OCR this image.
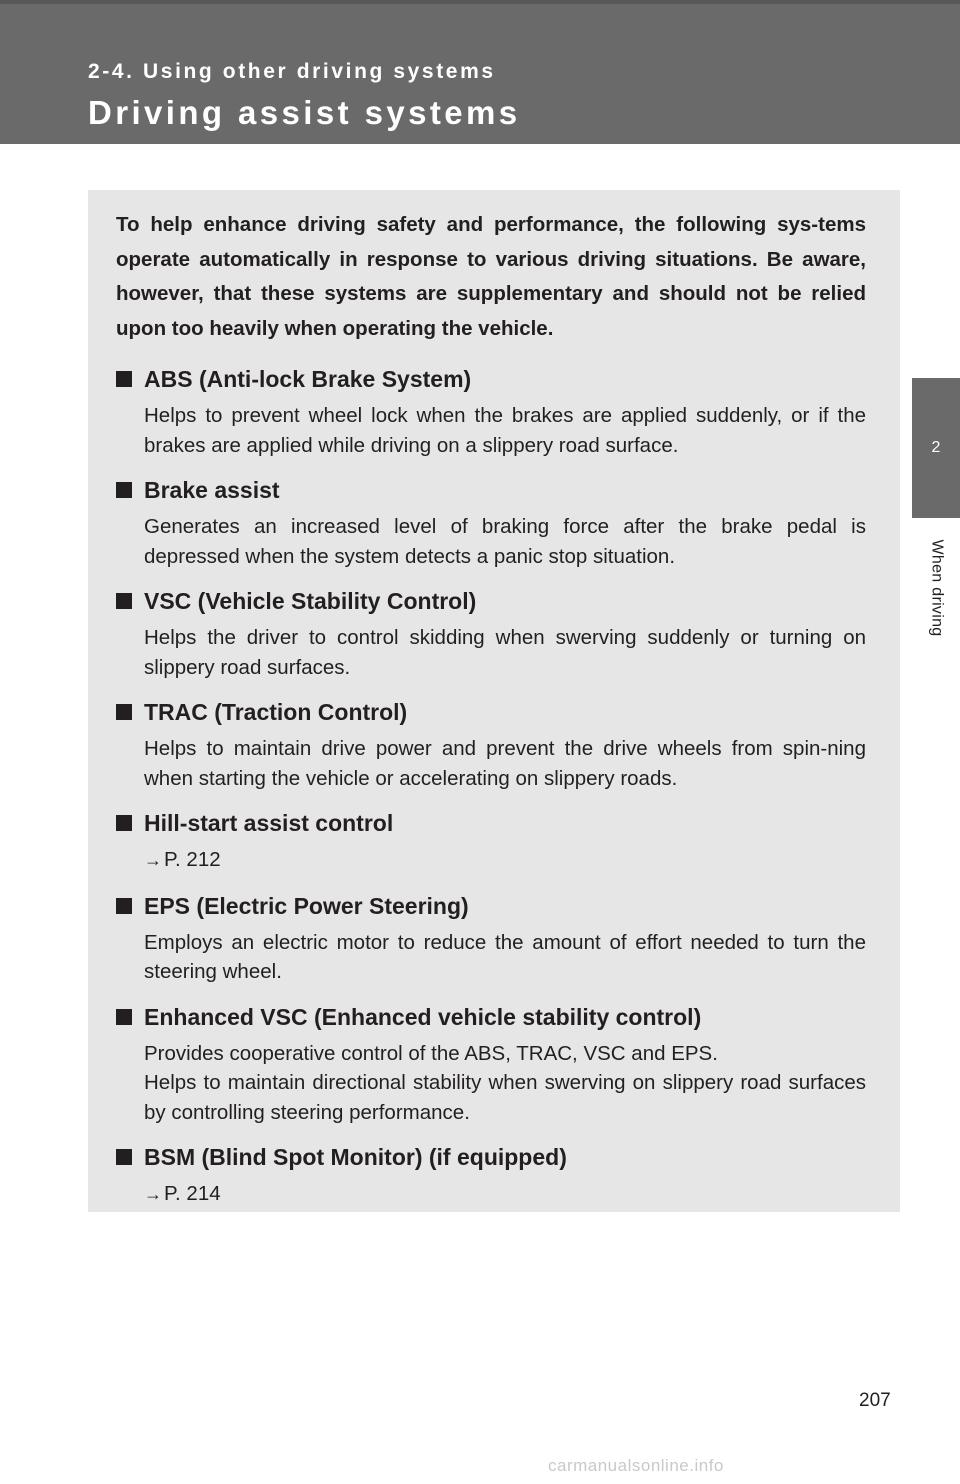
2-4. Using other driving systems
Driving assist systems
2
When driving

To help enhance driving safety and performance, the following sys-tems operate automatically in response to various driving situations. Be aware, however, that these systems are supplementary and should not be relied upon too heavily when operating the vehicle.

ABS (Anti-lock Brake System)

Helps to prevent wheel lock when the brakes are applied suddenly, or if the brakes are applied while driving on a slippery road surface.

Brake assist

Generates an increased level of braking force after the brake pedal is depressed when the system detects a panic stop situation.

VSC (Vehicle Stability Control)

Helps the driver to control skidding when swerving suddenly or turning on slippery road surfaces.

TRAC (Traction Control)

Helps to maintain drive power and prevent the drive wheels from spin-ning when starting the vehicle or accelerating on slippery roads.

Hill-start assist control
→ P. 212
EPS (Electric Power Steering)

Employs an electric motor to reduce the amount of effort needed to turn the steering wheel.

Enhanced VSC (Enhanced vehicle stability control)

Provides cooperative control of the ABS, TRAC, VSC and EPS.

Helps to maintain directional stability when swerving on slippery road surfaces by controlling steering performance.

BSM (Blind Spot Monitor) (if equipped)
→ P. 214
207
carmanualsonline.info
